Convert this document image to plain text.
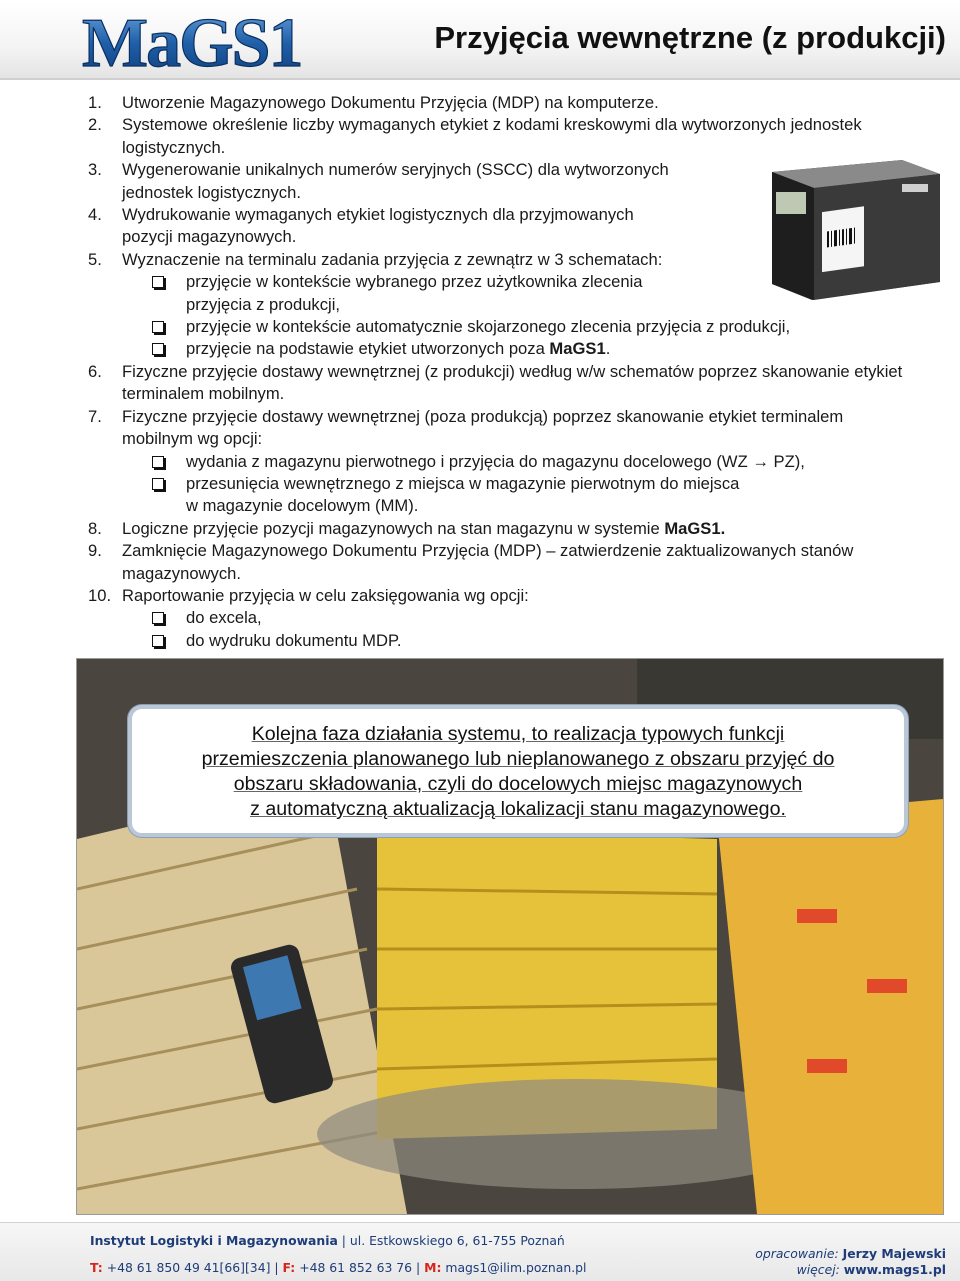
MaGS1	Przyjęcia wewnętrzne (z produkcji)
1. Utworzenie Magazynowego Dokumentu Przyjęcia (MDP) na komputerze.
2. Systemowe określenie liczby wymaganych etykiet z kodami kreskowymi dla wytworzonych jednostek logistycznych.
3. Wygenerowanie unikalnych numerów seryjnych (SSCC) dla wytworzonych jednostek logistycznych.
4. Wydrukowanie wymaganych etykiet logistycznych dla przyjmowanych pozycji magazynowych.
5. Wyznaczenie na terminalu zadania przyjęcia z zewnątrz w 3 schematach:
przyjęcie w kontekście wybranego przez użytkownika zlecenia przyjęcia z produkcji,
przyjęcie w kontekście automatycznie skojarzonego zlecenia przyjęcia z produkcji,
przyjęcie na podstawie etykiet utworzonych poza MaGS1.
6. Fizyczne przyjęcie dostawy wewnętrznej (z produkcji) według w/w schematów poprzez skanowanie etykiet terminalem mobilnym.
7. Fizyczne przyjęcie dostawy wewnętrznej (poza produkcją) poprzez skanowanie etykiet terminalem mobilnym wg opcji:
wydania z magazynu pierwotnego i przyjęcia do magazynu docelowego (WZ → PZ),
przesunięcia wewnętrznego z miejsca w magazynie pierwotnym do miejsca w magazynie docelowym (MM).
8. Logiczne przyjęcie pozycji magazynowych na stan magazynu w systemie MaGS1.
9. Zamknięcie Magazynowego Dokumentu Przyjęcia (MDP) – zatwierdzenie zaktualizowanych stanów magazynowych.
10. Raportowanie przyjęcia w celu zaksięgowania wg opcji:
do excela,
do wydruku dokumentu MDP.
Kolejna faza działania systemu, to realizacja typowych funkcji
przemieszczenia planowanego lub nieplanowanego z obszaru przyjęć do
obszaru składowania, czyli do docelowych miejsc magazynowych
z automatyczną aktualizacją lokalizacji stanu magazynowego.
Instytut Logistyki i Magazynowania | ul. Estkowskiego 6, 61-755 Poznań
T: +48 61 850 49 41[66][34] | F: +48 61 852 63 76 | M: mags1@ilim.poznan.pl
opracowanie: Jerzy Majewski
więcej: www.mags1.pl
